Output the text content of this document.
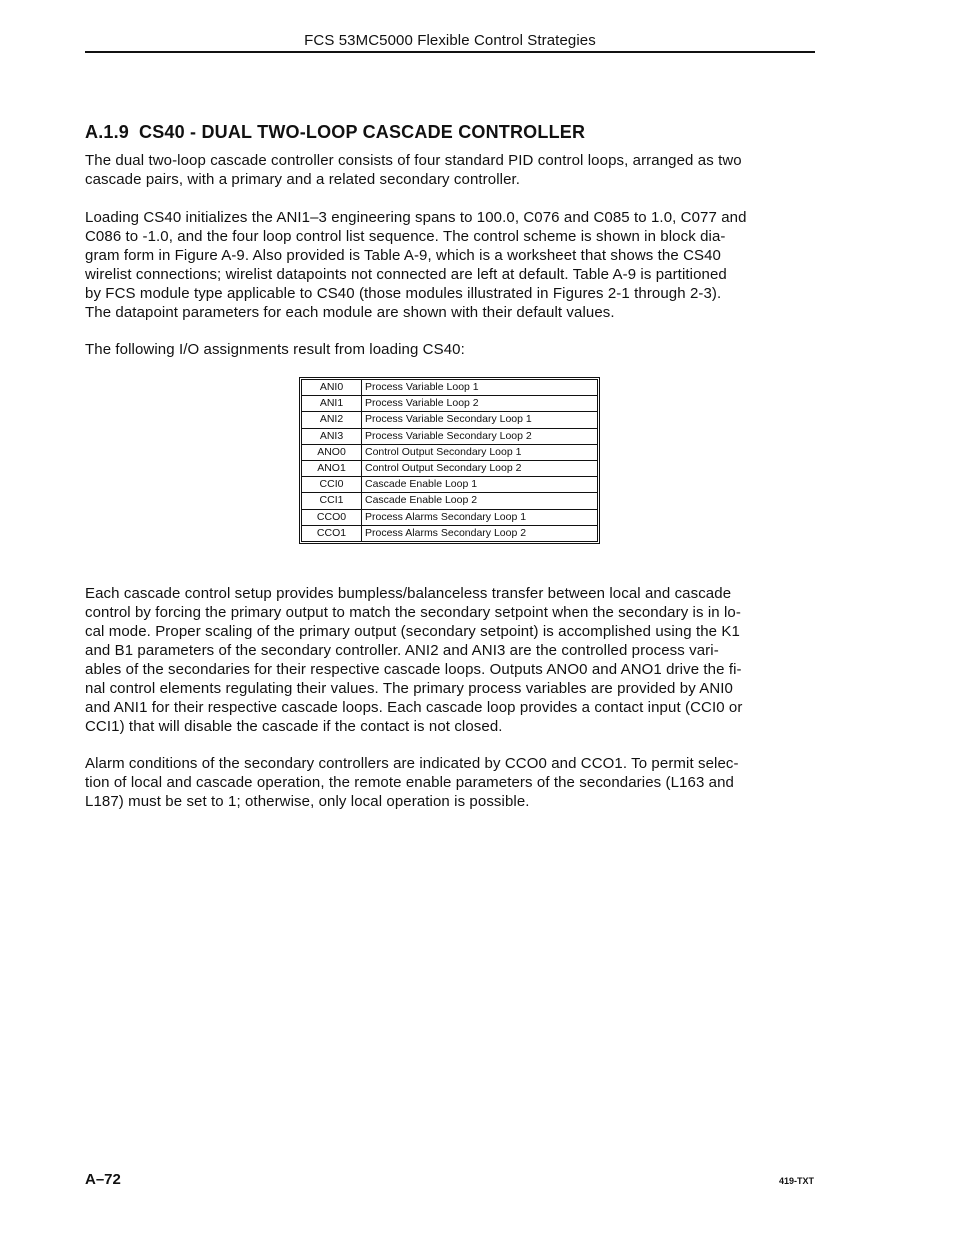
FCS 53MC5000 Flexible Control Strategies
A.1.9 CS40 - DUAL TWO-LOOP CASCADE CONTROLLER

The dual two-loop cascade controller consists of four standard PID control loops, arranged as two
cascade pairs, with a primary and a related secondary controller.

Loading CS40 initializes the ANI1–3 engineering spans to 100.0, C076 and C085 to 1.0, C077 and
C086 to -1.0, and the four loop control list sequence. The control scheme is shown in block dia-
gram form in Figure A-9. Also provided is Table A-9, which is a worksheet that shows the CS40
wirelist connections; wirelist datapoints not connected are left at default. Table A-9 is partitioned
by FCS module type applicable to CS40 (those modules illustrated in Figures 2-1 through 2-3).
The datapoint parameters for each module are shown with their default values.

The following I/O assignments result from loading CS40:

ANI0	Process Variable Loop 1
ANI1	Process Variable Loop 2
ANI2	Process Variable Secondary Loop 1
ANI3	Process Variable Secondary Loop 2
ANO0	Control Output Secondary Loop 1
ANO1	Control Output Secondary Loop 2
CCI0	Cascade Enable Loop 1
CCI1	Cascade Enable Loop 2
CCO0	Process Alarms Secondary Loop 1
CCO1	Process Alarms Secondary Loop 2

Each cascade control setup provides bumpless/balanceless transfer between local and cascade
control by forcing the primary output to match the secondary setpoint when the secondary is in lo-
cal mode. Proper scaling of the primary output (secondary setpoint) is accomplished using the K1
and B1 parameters of the secondary controller. ANI2 and ANI3 are the controlled process vari-
ables of the secondaries for their respective cascade loops. Outputs ANO0 and ANO1 drive the fi-
nal control elements regulating their values. The primary process variables are provided by ANI0
and ANI1 for their respective cascade loops. Each cascade loop provides a contact input (CCI0 or
CCI1) that will disable the cascade if the contact is not closed.

Alarm conditions of the secondary controllers are indicated by CCO0 and CCO1. To permit selec-
tion of local and cascade operation, the remote enable parameters of the secondaries (L163 and
L187) must be set to 1; otherwise, only local operation is possible.

A–72	419-TXT
